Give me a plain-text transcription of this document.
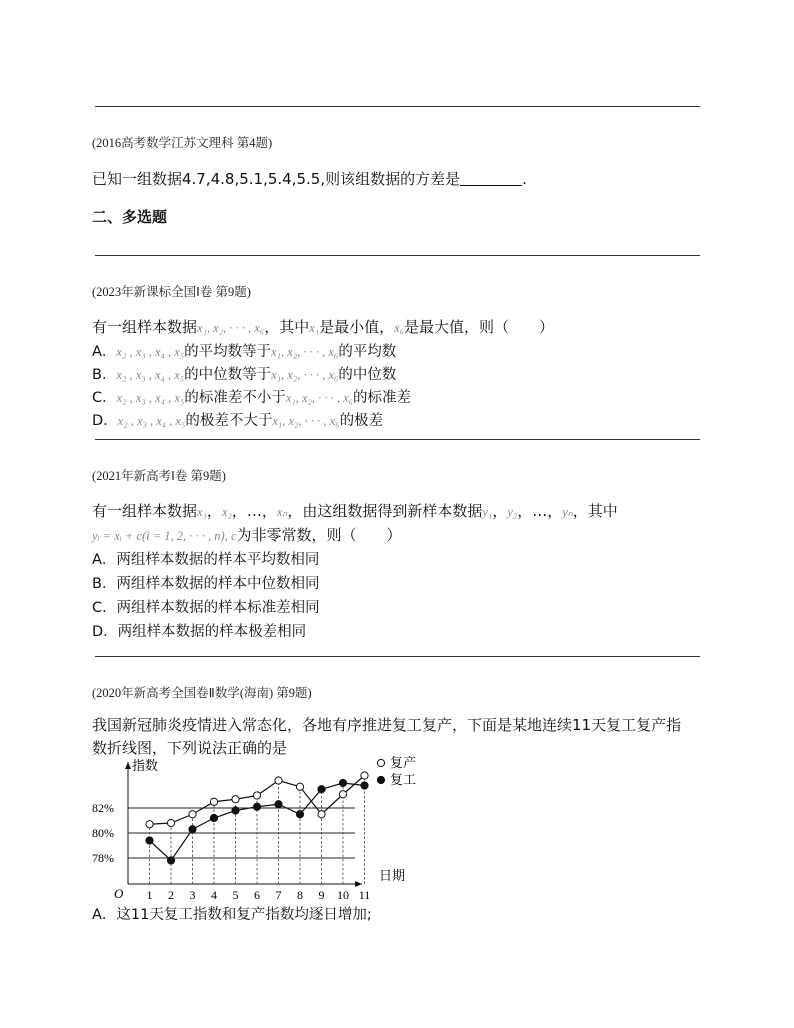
(2016高考数学江苏文理科 第4题)
已知一组数据4.7,4.8,5.1,5.4,5.5,则该组数据的方差是	.
二、多选题
(2023年新课标全国Ⅰ卷 第9题)
有一组样本数据x₁, x₂, · · · , x₆，其中x₁是最小值，x₆是最大值，则（　　）
A．x₂ , x₃ , x₄ , x₅的平均数等于x₁, x₂, · · · , x₆的平均数
B．x₂ , x₃ , x₄ , x₅的中位数等于x₁, x₂, · · · , x₆的中位数
C．x₂ , x₃ , x₄ , x₅的标准差不小于x₁, x₂, · · · , x₆的标准差
D．x₂ , x₃ , x₄ , x₅的极差不大于x₁, x₂, · · · , x₆的极差
(2021年新高考Ⅰ卷 第9题)
有一组样本数据x₁，x₂，…，xₙ，由这组数据得到新样本数据y₁，y₂，…，yₙ，其中
yᵢ = xᵢ + c(i = 1, 2, · · · , n), c为非零常数，则（　　）
A．两组样本数据的样本平均数相同
B．两组样本数据的样本中位数相同
C．两组样本数据的样本标准差相同
D．两组样本数据的样本极差相同
(2020年新高考全国卷Ⅱ数学(海南) 第9题)
我国新冠肺炎疫情进入常态化，各地有序推进复工复产，下面是某地连续11天复工复产指
数折线图，下列说法正确的是
78%
80%
82%
1 2 3 4 5 6 7 8 9 10 11
O
指数
日期
复产
复工
A．这11天复工指数和复产指数均逐日增加;
